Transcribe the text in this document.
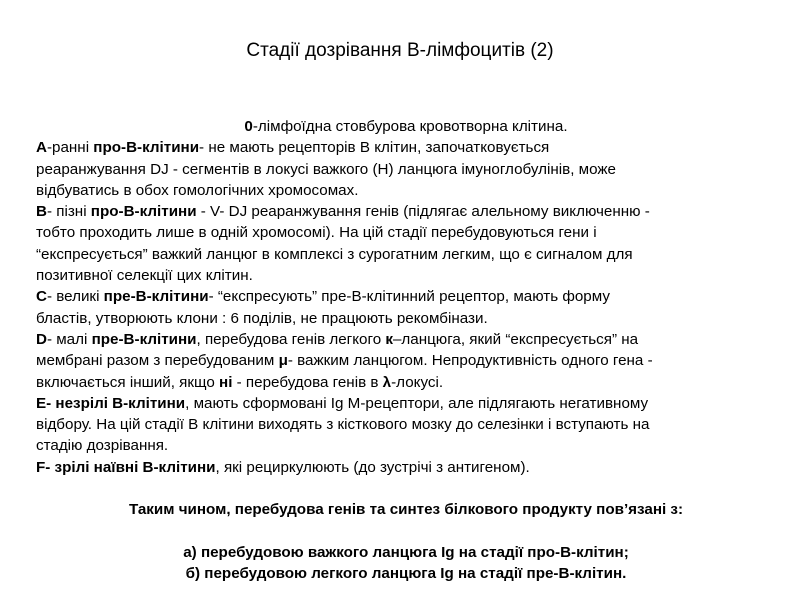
Стадії дозрівання В-лімфоцитів (2)
0-лімфоїдна стовбурова кровотворна клітина.
А-ранні про-В-клітини- не мають рецепторів В клітин, започатковується
реаранжування DJ - сегментів в локусі важкого (Н) ланцюга імуноглобулінів, може
відбуватись в обох гомологічних хромосомах.
В- пізні про-В-клітини - V- DJ реаранжування генів (підлягає алельному виключенню -
тобто проходить лише в одній хромосомі). На цій стадії перебудовуються гени і
“експресується” важкий ланцюг в комплексі з сурогатним легким, що є сигналом для
позитивної селекції цих клітин.
С- великі пре-В-клітини- “експресують” пре-В-клітинний рецептор, мають форму
бластів, утворюють клони : 6 поділів, не працюють рекомбінази.
D- малі пре-В-клітини, перебудова генів легкого к–ланцюга, який “експресується” на
мембрані разом з перебудованим μ- важким ланцюгом. Непродуктивність одного гена -
включається інший, якщо ні - перебудова генів в λ-локусі.
Е- незрілі В-клітини, мають сформовані Ig M-рецептори, але підлягають негативному
відбору. На цій стадії В клітини виходять з кісткового мозку до селезінки і вступають на
стадію дозрівання.
F- зрілі наївні В-клітини, які рециркулюють (до зустрічі з антигеном).
Таким чином, перебудова генів та синтез білкового продукту пов’язані з:
а) перебудовою важкого ланцюга Ig на стадії про-В-клітин;
б) перебудовою легкого ланцюга Ig на стадії пре-В-клітин.
